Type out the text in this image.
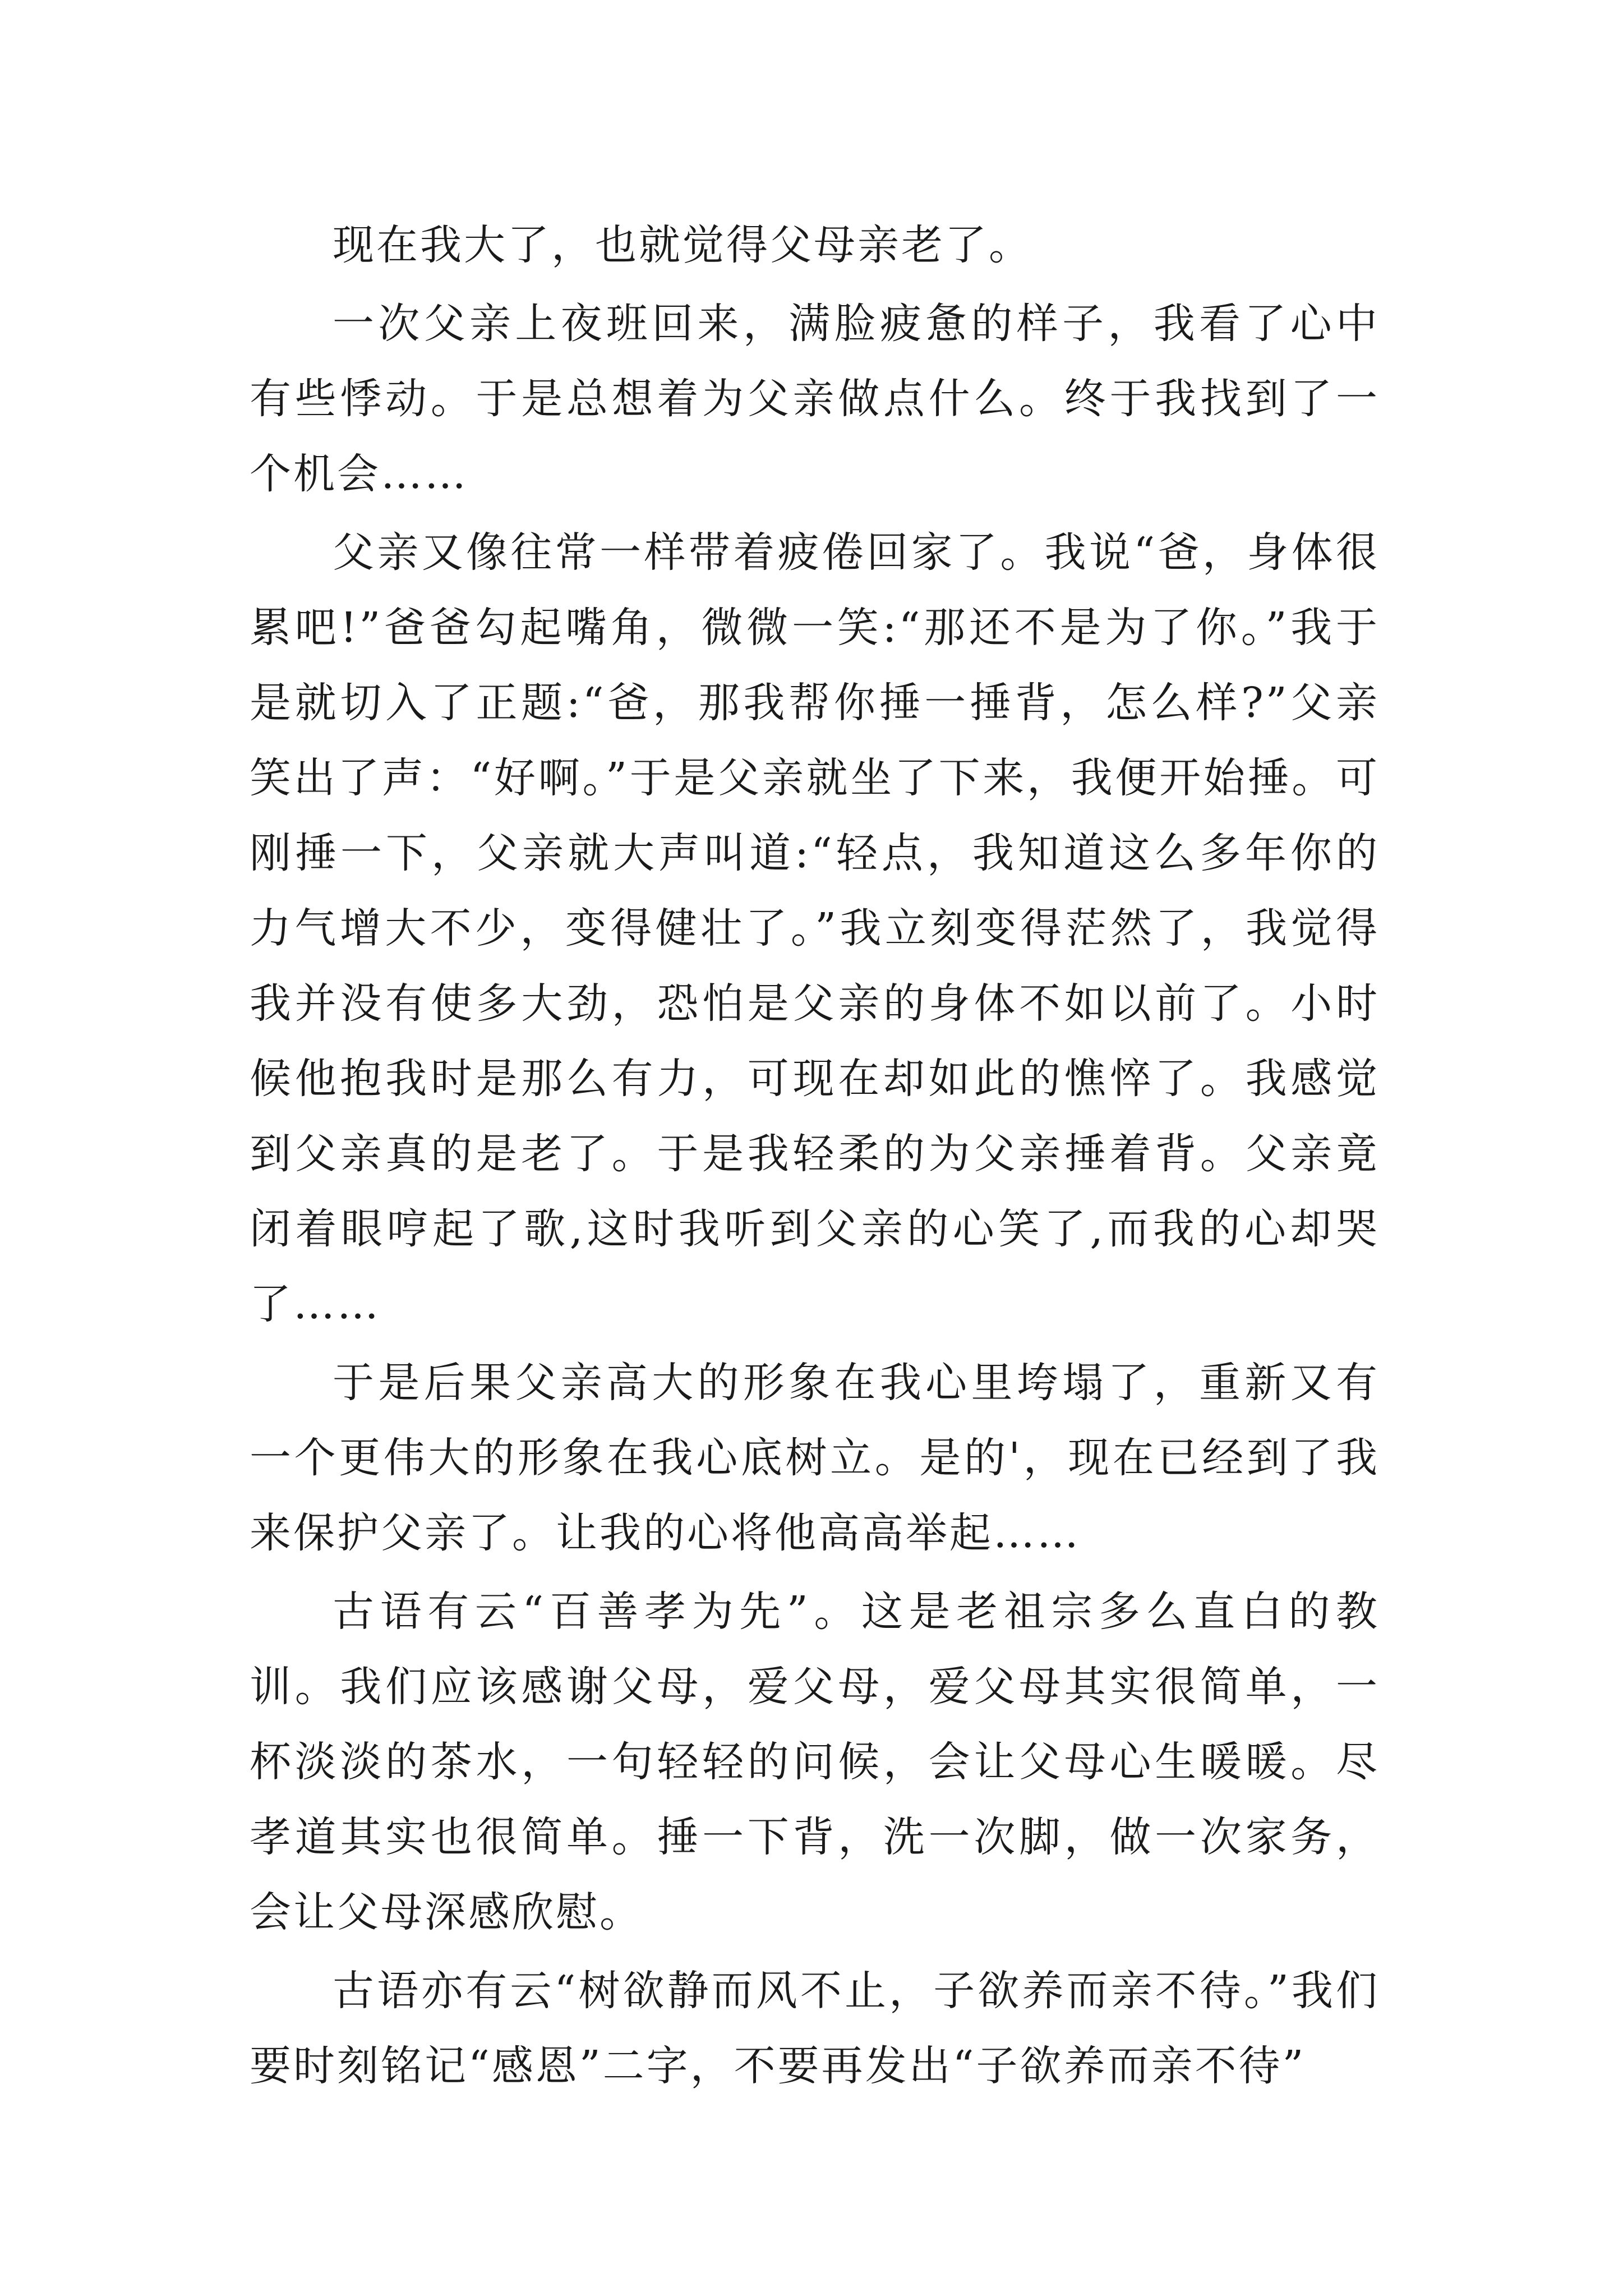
现在我大了，也就觉得父母亲老了。

一次父亲上夜班回来，满脸疲惫的样子，我看了心中有些悸动。于是总想着为父亲做点什么。终于我找到了一个机会……

父亲又像往常一样带着疲倦回家了。我说“爸，身体很累吧!”爸爸勾起嘴角，微微一笑:“那还不是为了你。”我于是就切入了正题:“爸，那我帮你捶一捶背，怎么样?”父亲笑出了声：“好啊。”于是父亲就坐了下来，我便开始捶。可刚捶一下，父亲就大声叫道:“轻点，我知道这么多年你的力气增大不少，变得健壮了。”我立刻变得茫然了，我觉得我并没有使多大劲，恐怕是父亲的身体不如以前了。小时候他抱我时是那么有力，可现在却如此的憔悴了。我感觉到父亲真的是老了。于是我轻柔的为父亲捶着背。父亲竟闭着眼哼起了歌,这时我听到父亲的心笑了,而我的心却哭了……

于是后果父亲高大的形象在我心里垮塌了，重新又有一个更伟大的形象在我心底树立。是的'，现在已经到了我来保护父亲了。让我的心将他高高举起……

古语有云“百善孝为先”。这是老祖宗多么直白的教训。我们应该感谢父母，爱父母，爱父母其实很简单，一杯淡淡的茶水，一句轻轻的问候，会让父母心生暖暖。尽孝道其实也很简单。捶一下背，洗一次脚，做一次家务，会让父母深感欣慰。

古语亦有云“树欲静而风不止，子欲养而亲不待。”我们要时刻铭记“感恩”二字，不要再发出“子欲养而亲不待”
